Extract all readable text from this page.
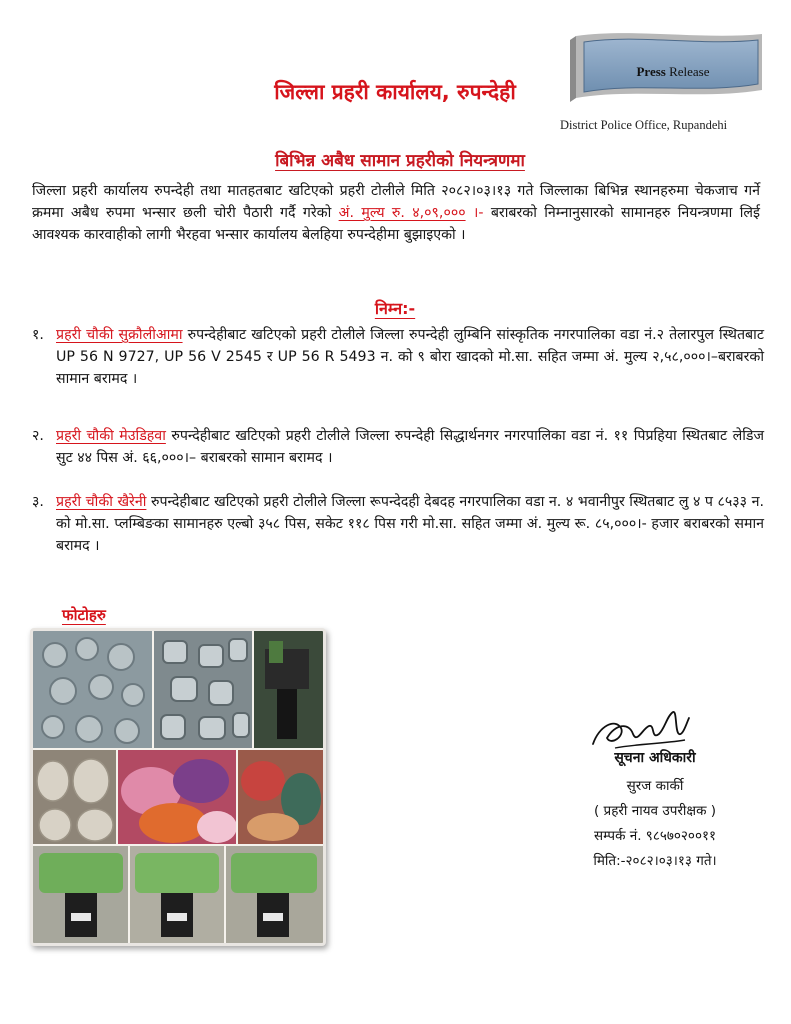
Press Release
जिल्ला प्रहरी कार्यालय, रुपन्देही
District Police Office, Rupandehi
बिभिन्न अबैध सामान प्रहरीको नियन्त्रणमा
जिल्ला प्रहरी कार्यालय रुपन्देही तथा मातहतबाट खटिएको प्रहरी टोलीले मिति २०८२।०३।१३ गते जिल्लाका बिभिन्न स्थानहरुमा चेकजाच गर्ने क्रममा अबैध रुपमा भन्सार छली चोरी पैठारी गर्दै गरेको अं. मुल्य रु. ४,०९,००० ।- बराबरको निम्नानुसारको सामानहरु नियन्त्रणमा लिई आवश्यक कारवाहीको लागी भैरहवा भन्सार कार्यालय बेलहिया रुपन्देहीमा बुझाइएको ।
निम्न:-
१. प्रहरी चौकी सुक्रौलीआमा रुपन्देहीबाट खटिएको प्रहरी टोलीले जिल्ला रुपन्देही लुम्बिनि सांस्कृतिक नगरपालिका वडा नं.२ तेलारपुल स्थितबाट UP 56 N 9727, UP 56 V 2545 र UP 56 R 5493 न. को ९ बोरा खादको मो.सा. सहित जम्मा अं. मुल्य २,५८,०००।–बराबरको सामान बरामद ।
२. प्रहरी चौकी मेउडिहवा रुपन्देहीबाट खटिएको प्रहरी टोलीले जिल्ला रुपन्देही सिद्धार्थनगर नगरपालिका वडा नं. ११ पिप्रहिया स्थितबाट लेडिज सुट ४४ पिस अं. ६६,०००।– बराबरको सामान बरामद ।
३. प्रहरी चौकी खैरेनी रुपन्देहीबाट खटिएको प्रहरी टोलीले जिल्ला रूपन्देदही देबदह नगरपालिका वडा न. ४ भवानीपुर स्थितबाट लु ४ प ८५३३ न. को मो.सा. प्लम्बिङका सामानहरु एल्बो ३५८ पिस, सकेट ११८ पिस गरी मो.सा. सहित जम्मा अं. मुल्य रू. ८५,०००।- हजार बराबरको समान बरामद ।
फोटोहरु
सूचना अधिकारी
सुरज कार्की
( प्रहरी नायव उपरीक्षक )
सम्पर्क नं. ९८५७०२००११
मिति:-२०८२।०३।१३ गते।
